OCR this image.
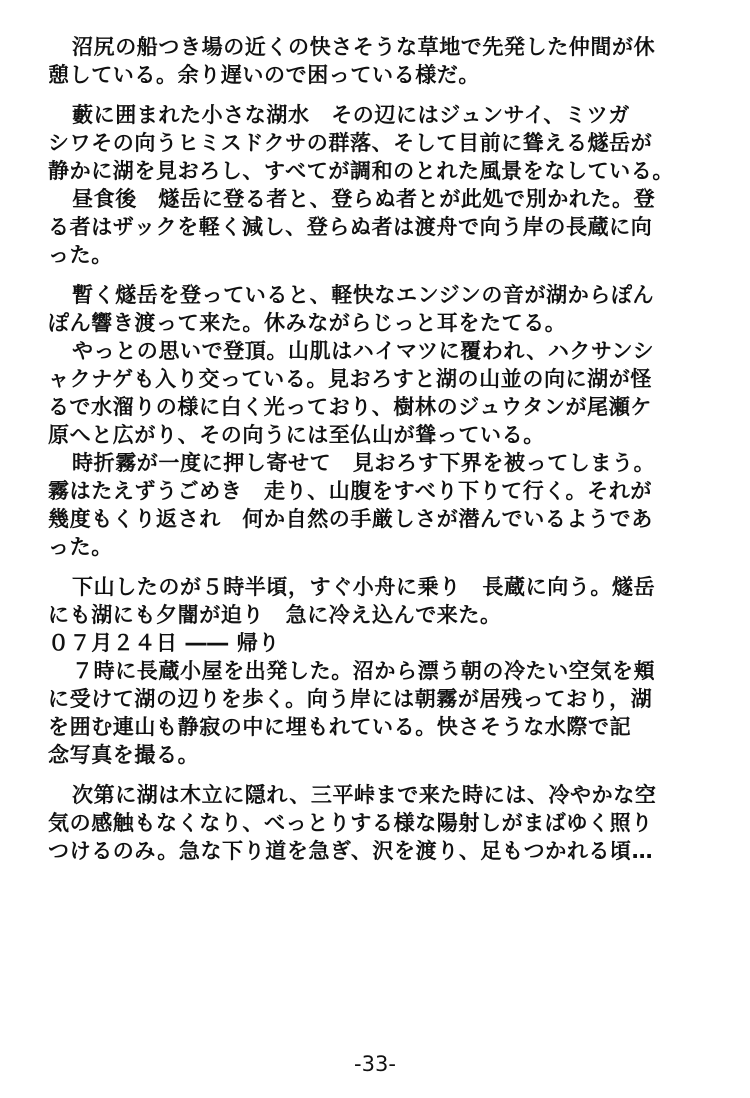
沼尻の船つき場の近くの快さそうな草地で先発した仲間が休
憩している。余り遅いので困っている様だ。
藪に囲まれた小さな湖水　その辺にはジュンサイ、ミツガ
シワその向うヒミスドクサの群落、そして目前に聳える燧岳が
静かに湖を見おろし、すべてが調和のとれた風景をなしている。
昼食後　燧岳に登る者と、登らぬ者とが此処で別かれた。登
る者はザックを軽く減し、登らぬ者は渡舟で向う岸の長蔵に向
った。
暫く燧岳を登っていると、軽快なエンジンの音が湖からぽん
ぽん響き渡って来た。休みながらじっと耳をたてる。
やっとの思いで登頂。山肌はハイマツに覆われ、ハクサンシ
ャクナゲも入り交っている。見おろすと湖の山並の向に湖が怪
るで水溜りの様に白く光っており、樹林のジュウタンが尾瀬ケ
原へと広がり、その向うには至仏山が聳っている。
時折霧が一度に押し寄せて　見おろす下界を被ってしまう。
霧はたえずうごめき　走り、山腹をすべり下りて行く。それが
幾度もくり返され　何か自然の手厳しさが潜んでいるようであ
った。
下山したのが５時半頃，すぐ小舟に乗り　長蔵に向う。燧岳
にも湖にも夕闇が迫り　急に冷え込んで来た。
０７月２４日 ―― 帰り
７時に長蔵小屋を出発した。沼から漂う朝の冷たい空気を頬
に受けて湖の辺りを歩く。向う岸には朝霧が居残っており，湖
を囲む連山も静寂の中に埋もれている。快さそうな水際で記
念写真を撮る。
次第に湖は木立に隠れ、三平峠まで来た時には、冷やかな空
気の感触もなくなり、べっとりする様な陽射しがまばゆく照り
つけるのみ。急な下り道を急ぎ、沢を渡り、足もつかれる頃…
-33-
